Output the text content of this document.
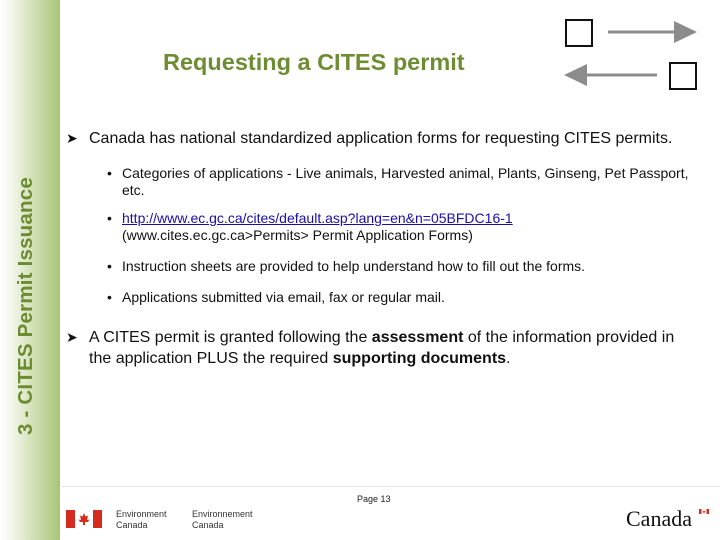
3 - CITES Permit Issuance
Requesting a CITES permit
➤ Canada has national standardized application forms for requesting CITES permits.
• Categories of applications - Live animals, Harvested animal, Plants, Ginseng, Pet Passport, etc.
• http://www.ec.gc.ca/cites/default.asp?lang=en&n=05BFDC16-1
(www.cites.ec.gc.ca>Permits> Permit Application Forms)
• Instruction sheets are provided to help understand how to fill out the forms.
• Applications submitted via email, fax or regular mail.
➤ A CITES permit is granted following the assessment of the information provided in the application PLUS the required supporting documents.
Page 13
Environment
Canada
Environnement
Canada	Canada
